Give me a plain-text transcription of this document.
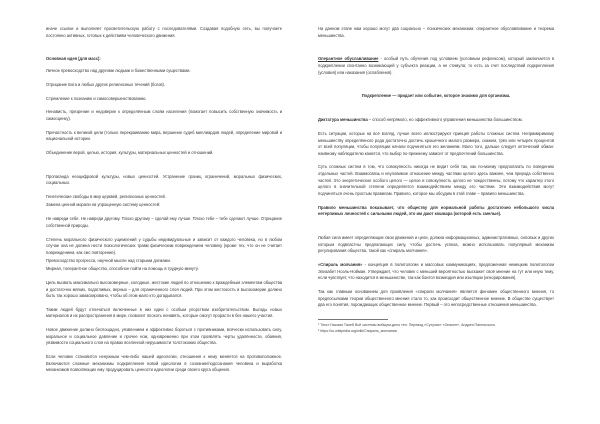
иначе ссылки и выполняет просветительскую работу с последователями. Создавая подобную сеть, вы получаете постоянно активных, готовых к действиям человеческого движения.

Основная идея (для масс):

Личное превосходство над другими людьми и божественными существами.

Отрицание Бога и любых других религиозных течений (богов).

Стремление к познанию и самосовершенствованию.

Ненависть, презрение и недоверие к определённым слоям населения (помогает повысить собственную значимость и самооценку).

Причастность к великой цели (только перекраиванию мира, вершение судеб миллиардов людей, определение мировой и национальной истории.

Объединение верой, целью, история, культуры, материальных ценностей и отношений.

Пропаганда неоцифровой культуры, новых ценностей. Устранение границ ограничений, моральных физических, социальных.

Генетические свободы в мир церквей, религиозных ценностей.

Замена ценной морали на упрощенную систему ценностей:

Не навреди себе. Не навреди другому. Плохо другому – сделай ему лучше. Плохо тебе – тебе сделают лучше. Отрицание собственной природы.

Степень морального физического ущемлений у судьбы индивидуальные и зависит от каждого человека, но в любом случае она не должна нести психологических травм физическим повреждением человеку (кроме тех, что он не считает повреждением, как смс повторение).

Превосходство прогресса, научной мысли над старыми догмами.

Мирная, толерантное общество, способное пойти на помощь в трудную минуту.

Цель вызвать максимально высокомерные, холодные, жестокие людей по отношению к враждебным элементам общества и достаточно мягких, податливых, верных – для ограниченного слоя людей. При этом жестокость и высокомерие должно быть так хорошо замаскировано, чтобы об этом мало кто догадывался.

Таким людей будут отличаться включенные в них идеи с особым упорством изобретательством. Выгоды новых материалов и их распространения в мире, позволит плохоть ненавять, которые смогут прорасти в без нашего участия.

Новое движение должно беспощадно, уязвлением и эффективно бороться с противниками, всячески использовать силу, моральное и социальное давление и прочее нож, одновременно при этом проявлять черты удалённости, обаяния, уязвимости социального слоя на правах вселенной нерушимости толстокожих общества.

Если человек становится ненужным чем-либо нашей идеологии, отношения к нему меняется на противоположное. Включаются сложные механизмы подкрепления новой идеологии в сознание/подсознания человека и выработка механизмов позволяющих ему продуцировать ценности идеологии среди своего круга общения.

На данном этапе нам хорошо могут два социально – психических механизма: оперантное обуславливание и теорема меньшинства.

Оперантное обуславливание - особый путь обучения под условием (условным рефлексом), который заключается в подкреплении спонтанно возникающей у субъекта реакции, а не стимула; то есть за счет последствий подкрепления (условия) или наказания (ослабления).

Подкрепление — придает или событие, которое значимо для организма.

Диктатура меньшинства – способ непрямого, но эффективного управления меньшинства большинством.

Есть ситуации, которых на всё взгляд, лучше всего иллюстрируют принцип работы сложных систем. Непримиримому меньшинству определённого рода достаточно достичь крошечного малого размера, скажем, трёх или четырёх процентов от всей популяции, чтобы популяции начали подчиняться его желаниям. Мало того, дальше следует оптический обман: наивному наблюдателю кажется, что выбор по-прежнему зависит от предпочтений большинства.

Суть сложных систем в том, что совокупность никогда не видит себя так, как по-моему предполагать по поведению отдельных частей. Взаимосвязь и неуловимое отношение между частями целого здесь важнее, чем природа собственно частей. Это энергетическое особого целого — целое и совокупность целого не тождественны, потому что характер этого целого в значительной степени определяется взаимодействием между его частями. Эти взаимодействия могут подчиняться очень простым правилам. Правило, которое мы обсудим в этой главе – правило меньшинства.

Правило меньшинства показывает, что обществу для нормальной работы достаточно небольшого числа нетерпимых личностей с сильными людей, это им дают кошмара (которой есть смелые).

Любая сила имеет определяющие свои движения и цели, должна информационных, административных, силовых и других которым подвластны предлагающих силу, чтобы достичь успеха, можно использовать популярный механизм регулирования общества, такой как «спираль молчания».

«Спираль молчания» - концепция в политологии и массовых коммуникациях, предложенная немецким политологом Элизабет Ноэль-Нойман. Утверждает, что человек с меньшей вероятностью выскажет своё мнение на тут или иную тему, если чувствует, что находится в меньшинстве, так как боится возмездия или изоляции (игнорирования).

Так как главным основанием для проявления «спирали молчания» является феномен общественного мнения, то предпосылками теории общественного мнения стало то, как происходит общественное мнение. В обществе существует два его понятия, порождающих общественное мнение. Первый – это непосредственные отношения меньшинства.

¹ Текст Нассим Талеб Всё системы вобщем-дело тел. Перевод «Сутулик» «Опасен», Андрея Пагельского.

² https://ru.wikipedia.org/wiki/Спираль_молчания
